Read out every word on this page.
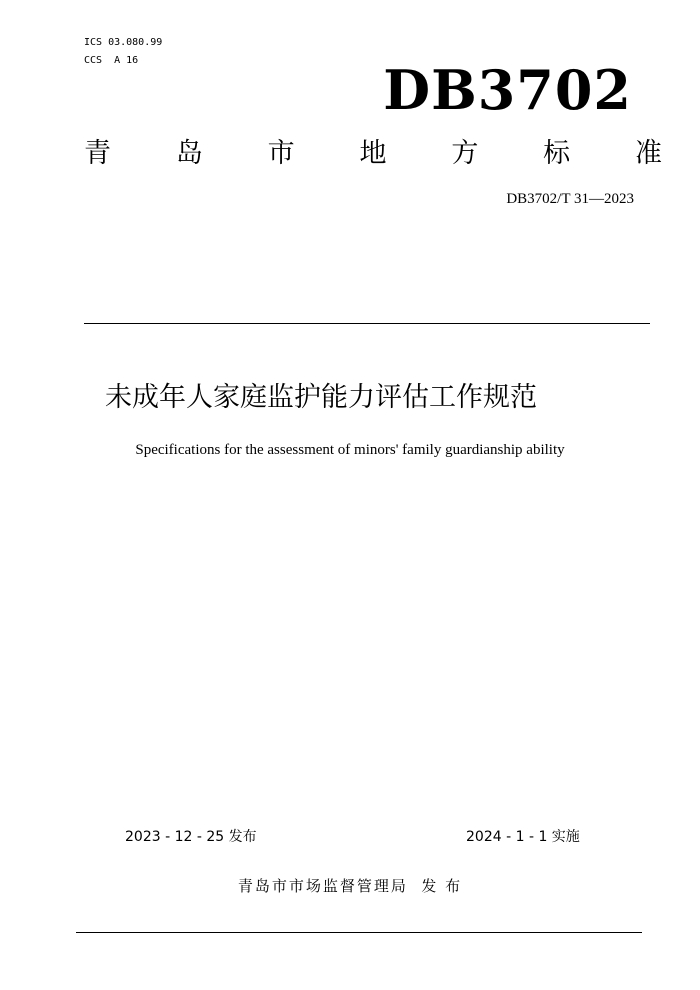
ICS 03.080.99
CCS  A 16	DB3702
青 岛 市 地 方 标 准
DB3702/T 31—2023
未成年人家庭监护能力评估工作规范
Specifications for the assessment of minors' family guardianship ability
2023 - 12 - 25 发布	2024 - 1 - 1 实施
青岛市市场监督管理局  发 布
